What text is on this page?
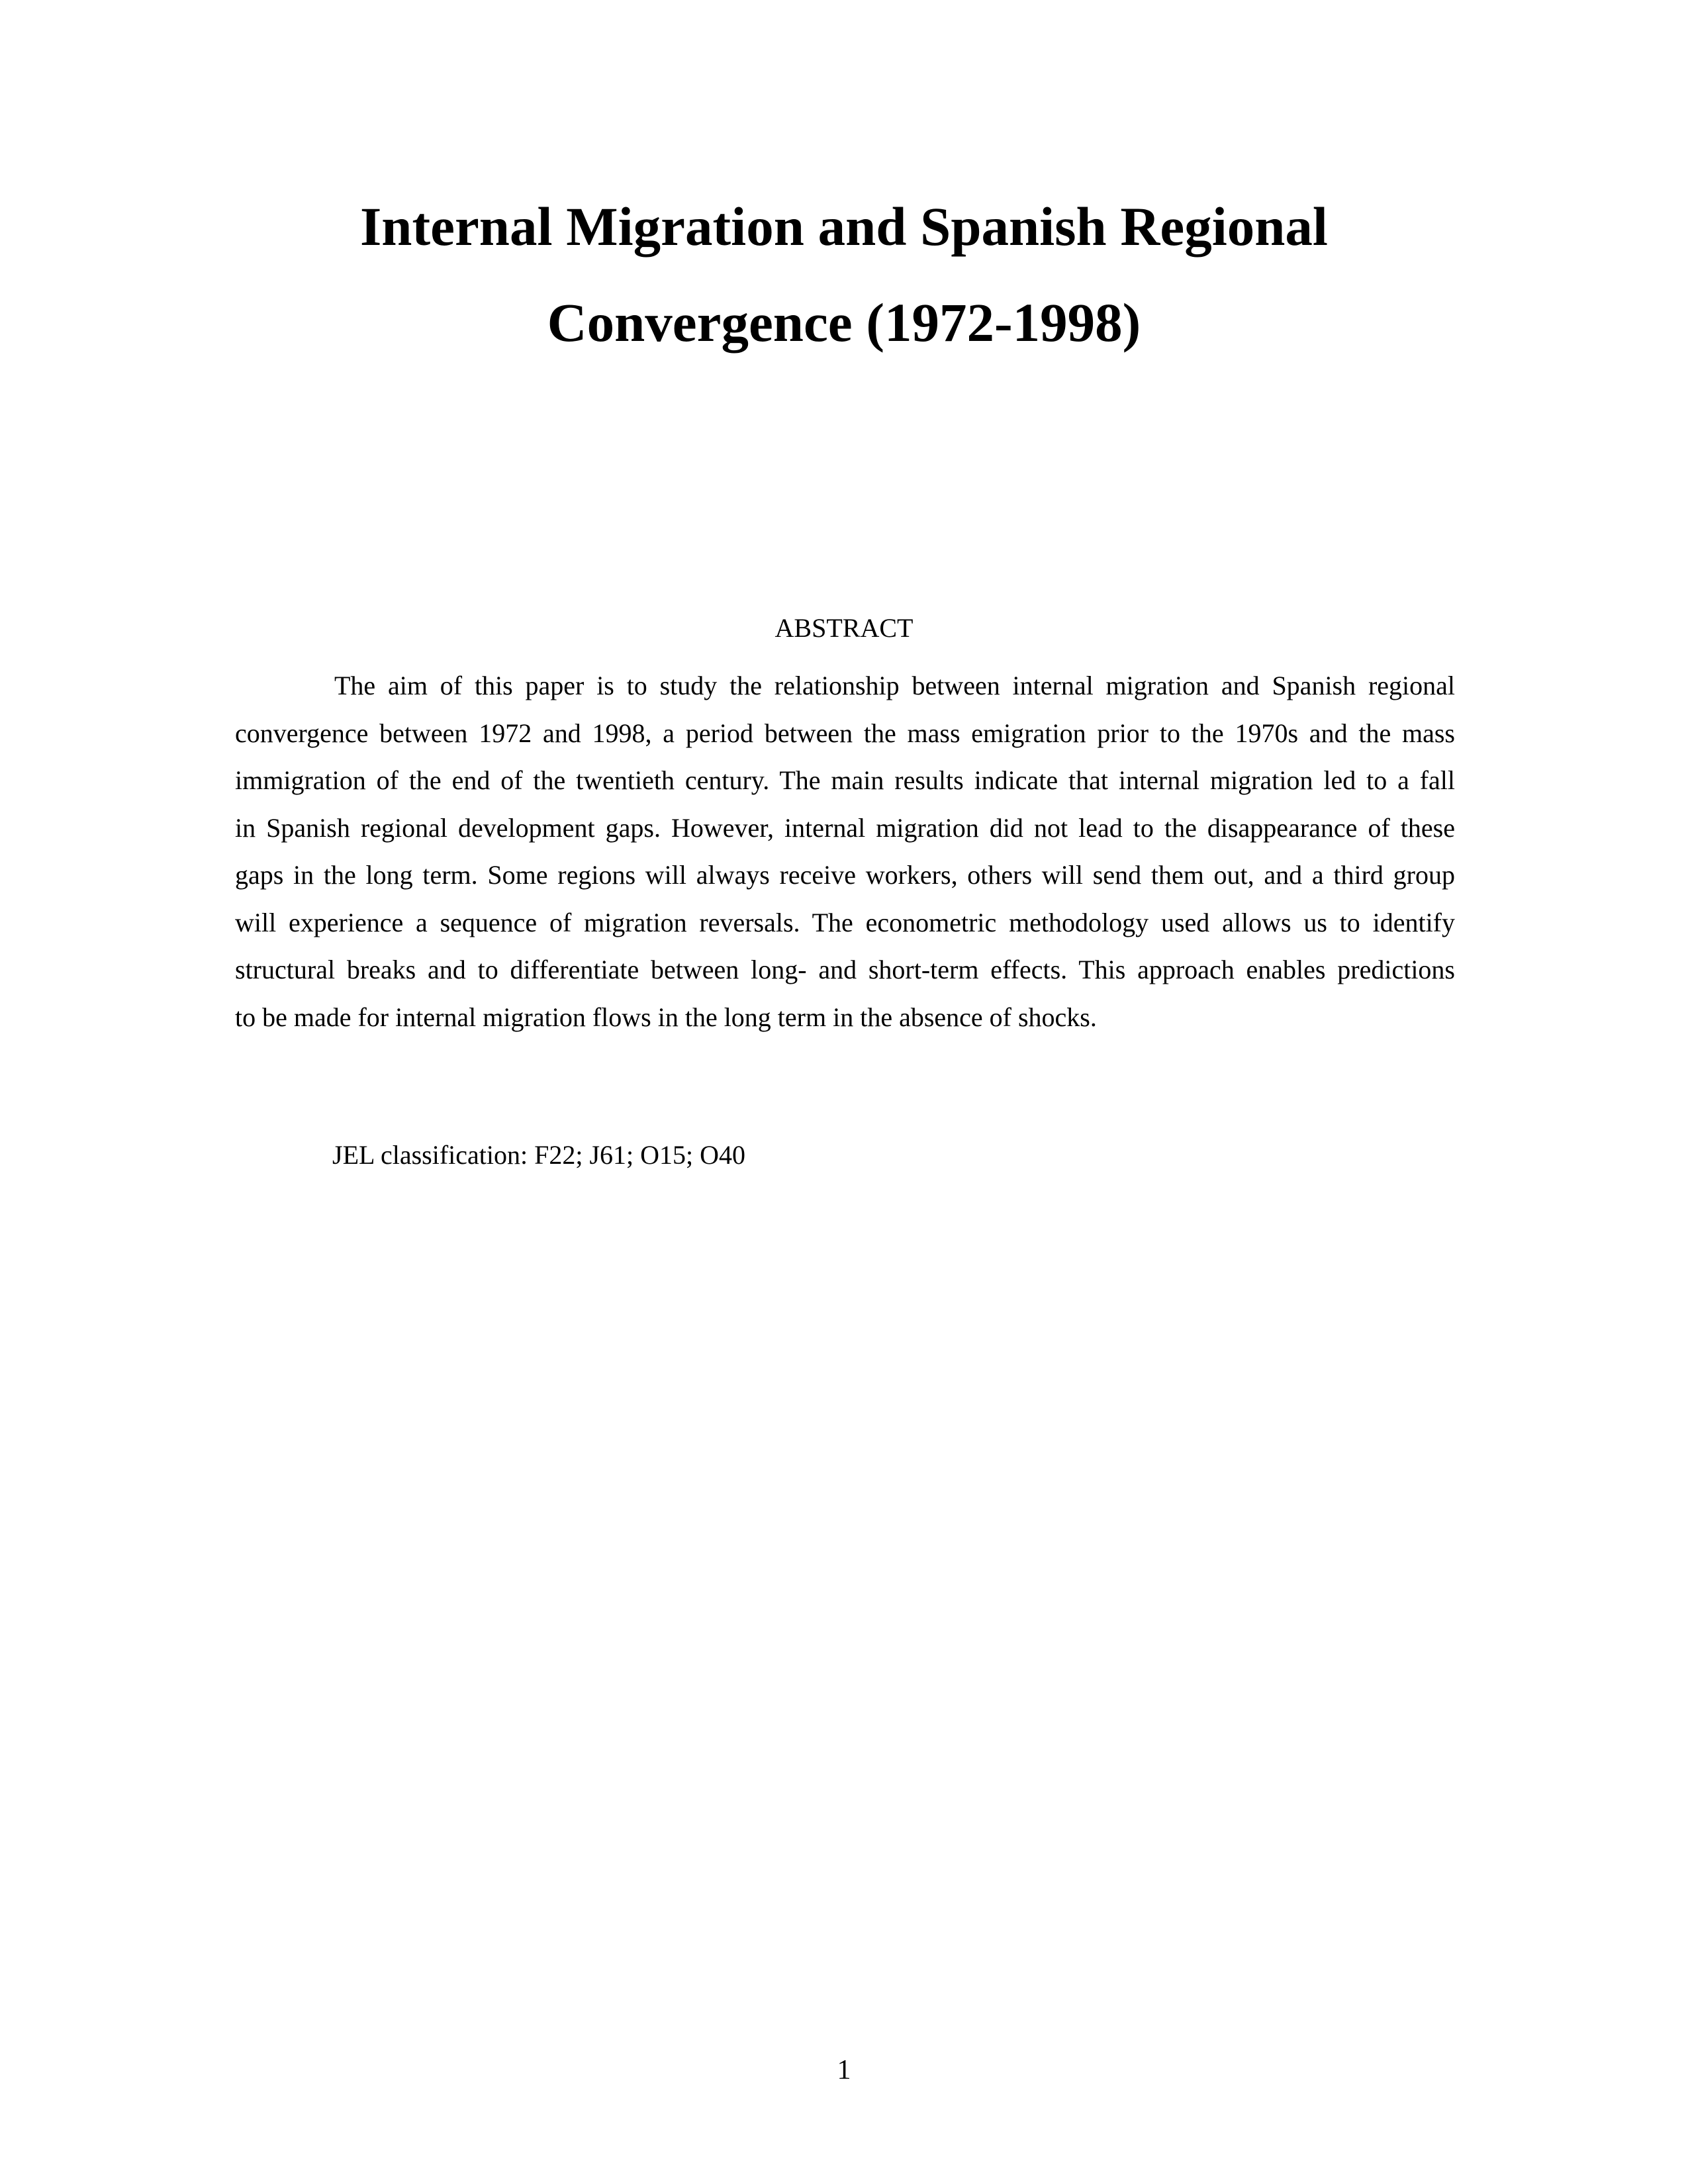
Internal Migration and Spanish Regional
Convergence (1972-1998)
ABSTRACT
The aim of this paper is to study the relationship between internal migration and Spanish regional
convergence between 1972 and 1998, a period between the mass emigration prior to the 1970s and the mass
immigration of the end of the twentieth century. The main results indicate that internal migration led to a fall
in Spanish regional development gaps. However, internal migration did not lead to the disappearance of these
gaps in the long term. Some regions will always receive workers, others will send them out, and a third group
will experience a sequence of migration reversals. The econometric methodology used allows us to identify
structural breaks and to differentiate between long- and short-term effects. This approach enables predictions
to be made for internal migration flows in the long term in the absence of shocks.

JEL classification: F22; J61; O15; O40

1
